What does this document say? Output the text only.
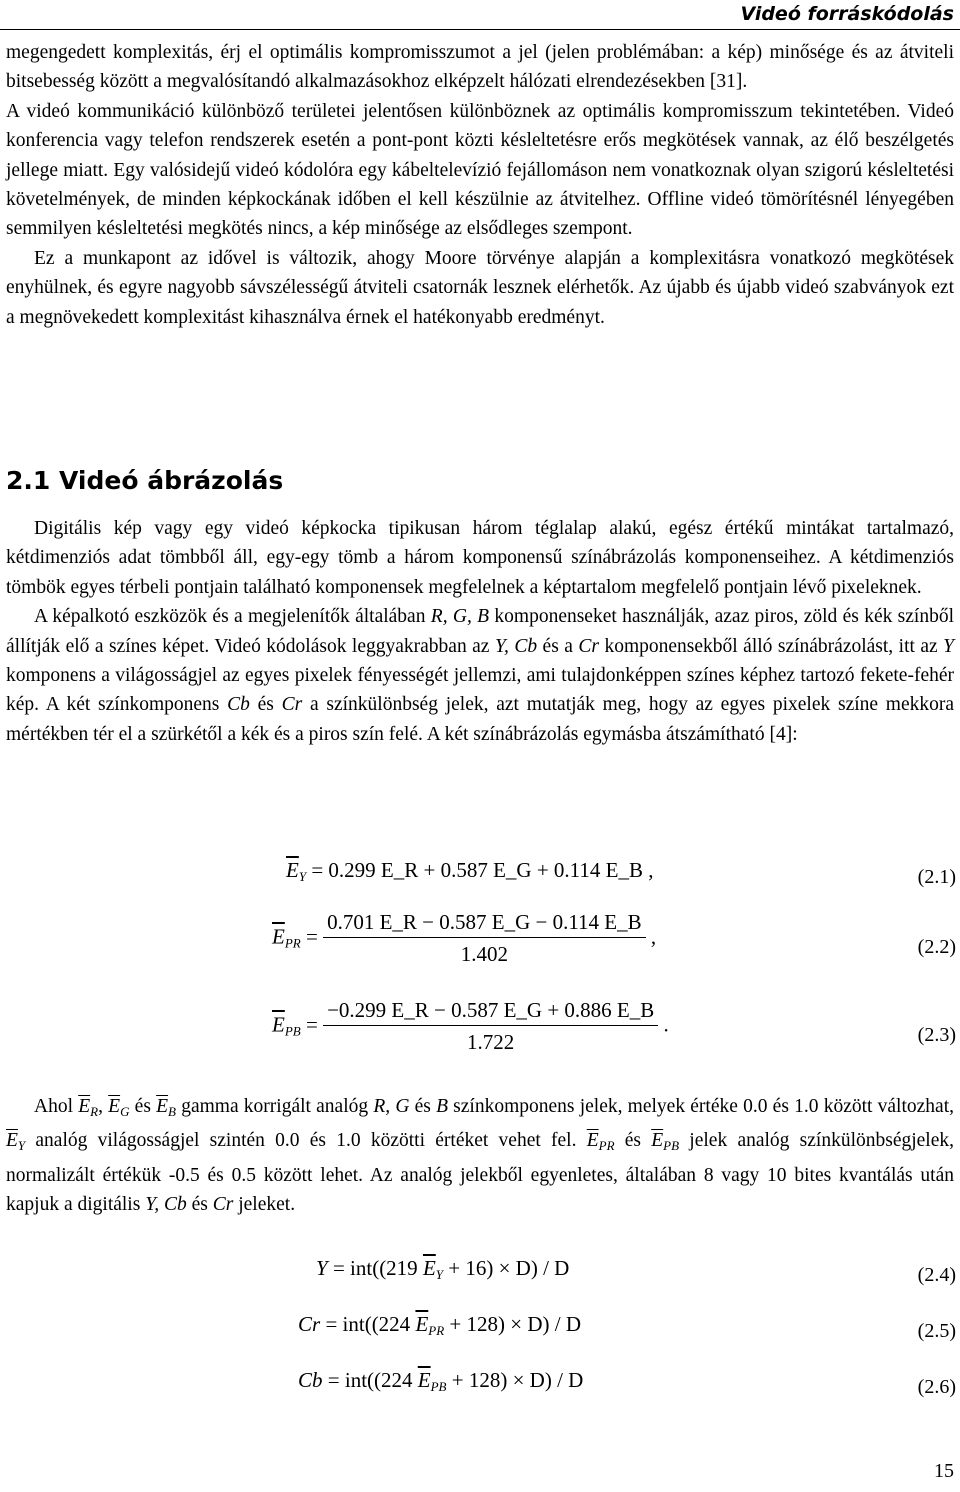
Videó forráskódolás

megengedett komplexitás, érj el optimális kompromisszumot a jel (jelen problémában: a kép) minősége és az átviteli bitsebesség között a megvalósítandó alkalmazásokhoz elképzelt hálózati elrendezésekben [31].

A videó kommunikáció különböző területei jelentősen különböznek az optimális kompromisszum tekintetében. Videó konferencia vagy telefon rendszerek esetén a pont-pont közti késleltetésre erős megkötések vannak, az élő beszélgetés jellege miatt. Egy valósidejű videó kódolóra egy kábeltelevízió fejállomáson nem vonatkoznak olyan szigorú késleltetési követelmények, de minden képkockának időben el kell készülnie az átvitelhez. Offline videó tömörítésnél lényegében semmilyen késleltetési megkötés nincs, a kép minősége az elsődleges szempont.

Ez a munkapont az idővel is változik, ahogy Moore törvénye alapján a komplexitásra vonatkozó megkötések enyhülnek, és egyre nagyobb sávszélességű átviteli csatornák lesznek elérhetők. Az újabb és újabb videó szabványok ezt a megnövekedett komplexitást kihasználva érnek el hatékonyabb eredményt.

2.1 Videó ábrázolás

Digitális kép vagy egy videó képkocka tipikusan három téglalap alakú, egész értékű mintákat tartalmazó, kétdimenziós adat tömbből áll, egy-egy tömb a három komponensű színábrázolás komponenseihez. A kétdimenziós tömbök egyes térbeli pontjain található komponensek megfelelnek a képtartalom megfelelő pontjain lévő pixeleknek.

A képalkotó eszközök és a megjelenítők általában R, G, B komponenseket használják, azaz piros, zöld és kék színből állítják elő a színes képet. Videó kódolások leggyakrabban az Y, Cb és a Cr komponensekből álló színábrázolást, itt az Y komponens a világosságjel az egyes pixelek fényességét jellemzi, ami tulajdonképpen színes képhez tartozó fekete-fehér kép. A két színkomponens Cb és Cr a színkülönbség jelek, azt mutatják meg, hogy az egyes pixelek színe mekkora mértékben tér el a szürkétől a kék és a piros szín felé. A két színábrázolás egymásba átszámítható [4]:

$\overline{E}_Y = 0.299$ E_R + 0.587 E_G + 0.114 E_B ,	(2.1)
$\overline{E}_{PR} = \frac{0.701 E\_R - 0.587 E\_G - 0.114 E\_B}{1.402}$ ,	(2.2)
$\overline{E}_{PB} = \frac{-0.299 E\_R - 0.587 E\_G + 0.886 E\_B}{1.722}$ .	(2.3)

Ahol $\overline{E}_R$, $\overline{E}_G$ és $\overline{E}_B$ gamma korrigált analóg R, G és B színkomponens jelek, melyek értéke 0.0 és 1.0 között változhat, $\overline{E}_Y$ analóg világosságjel szintén 0.0 és 1.0 közötti értéket vehet fel. $\overline{E}_{PR}$ és $\overline{E}_{PB}$ jelek analóg színkülönbségjelek, normalizált értékük -0.5 és 0.5 között lehet. Az analóg jelekből egyenletes, általában 8 vagy 10 bites kvantálás után kapjuk a digitális Y, Cb és Cr jeleket.

Y = int((219 $\overline{E}_Y + 16) \times D) / D$	(2.4)
Cr = int((224 $\overline{E}_{PR} + 128) \times D) / D$	(2.5)
Cb = int((224 $\overline{E}_{PB} + 128) \times D) / D$	(2.6)
15
